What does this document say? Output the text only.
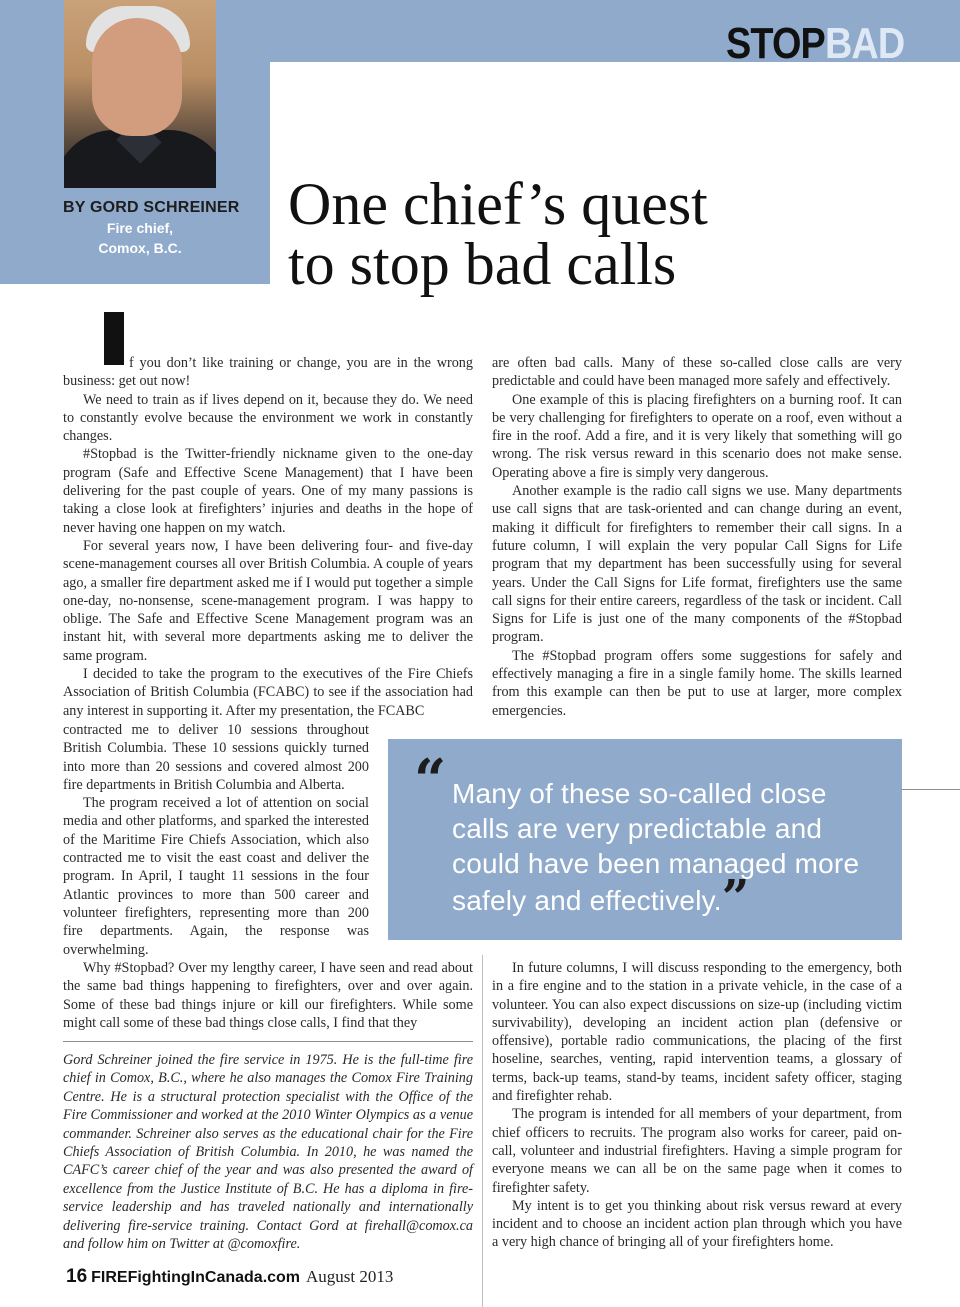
BY GORD SCHREINER
Fire chief,
Comox, B.C.
STOPBAD
One chief’s quest
to stop bad calls

f you don’t like training or change, you are in the wrong business: get out now!

We need to train as if lives depend on it, because they do. We need to constantly evolve because the environment we work in constantly changes.

#Stopbad is the Twitter-friendly nickname given to the one-day program (Safe and Effective Scene Management) that I have been delivering for the past couple of years. One of my many passions is taking a close look at firefighters’ injuries and deaths in the hope of never having one happen on my watch.

For several years now, I have been delivering four- and five-day scene-management courses all over British Columbia. A couple of years ago, a smaller fire department asked me if I would put together a simple one-day, no-nonsense, scene-management program. I was happy to oblige. The Safe and Effective Scene Management program was an instant hit, with several more departments asking me to deliver the same program.

I decided to take the program to the executives of the Fire Chiefs Association of British Columbia (FCABC) to see if the association had any interest in supporting it. After my presentation, the FCABC

contracted me to deliver 10 sessions throughout British Columbia. These 10 sessions quickly turned into more than 20 sessions and covered almost 200 fire departments in British Columbia and Alberta.

The program received a lot of attention on social media and other platforms, and sparked the interested of the Maritime Fire Chiefs Association, which also contracted me to visit the east coast and deliver the program. In April, I taught 11 sessions in the four Atlantic provinces to more than 500 career and volunteer firefighters, representing more than 200 fire departments. Again, the response was overwhelming.

Why #Stopbad? Over my lengthy career, I have seen and read about the same bad things happening to firefighters, over and over again. Some of these bad things injure or kill our firefighters. While some might call some of these bad things close calls, I find that they

are often bad calls. Many of these so-called close calls are very predictable and could have been managed more safely and effectively.

One example of this is placing firefighters on a burning roof. It can be very challenging for firefighters to operate on a roof, even without a fire in the roof. Add a fire, and it is very likely that something will go wrong. The risk versus reward in this scenario does not make sense. Operating above a fire is simply very dangerous.

Another example is the radio call signs we use. Many departments use call signs that are task-oriented and can change during an event, making it difficult for firefighters to remember their call signs. In a future column, I will explain the very popular Call Signs for Life program that my department has been successfully using for several years. Under the Call Signs for Life format, firefighters use the same call signs for their entire careers, regardless of the task or incident. Call Signs for Life is just one of the many components of the #Stopbad program.

The #Stopbad program offers some suggestions for safely and effectively managing a fire in a single family home. The skills learned from this example can then be put to use at larger, more complex emergencies.

“ Many of these so-called close calls are very predictable and could have been managed more safely and effectively.”

In future columns, I will discuss responding to the emergency, both in a fire engine and to the station in a private vehicle, in the case of a volunteer. You can also expect discussions on size-up (including victim survivability), developing an incident action plan (defensive or offensive), portable radio communications, the placing of the first hoseline, searches, venting, rapid intervention teams, a glossary of terms, back-up teams, stand-by teams, incident safety officer, staging and firefighter rehab.

The program is intended for all members of your department, from chief officers to recruits. The program also works for career, paid on-call, volunteer and industrial firefighters. Having a simple program for everyone means we can all be on the same page when it comes to firefighter safety.

My intent is to get you thinking about risk versus reward at every incident and to choose an incident action plan through which you have a very high chance of bringing all of your firefighters home.

Gord Schreiner joined the fire service in 1975. He is the full-time fire chief in Comox, B.C., where he also manages the Comox Fire Training Centre. He is a structural protection specialist with the Office of the Fire Commissioner and worked at the 2010 Winter Olympics as a venue commander. Schreiner also serves as the educational chair for the Fire Chiefs Association of British Columbia. In 2010, he was named the CAFC’s career chief of the year and was also presented the award of excellence from the Justice Institute of B.C. He has a diploma in fire-service leadership and has traveled nationally and internationally delivering fire-service training. Contact Gord at firehall@comox.ca and follow him on Twitter at @comoxfire.
16 FIREFightingInCanada.com August 2013
